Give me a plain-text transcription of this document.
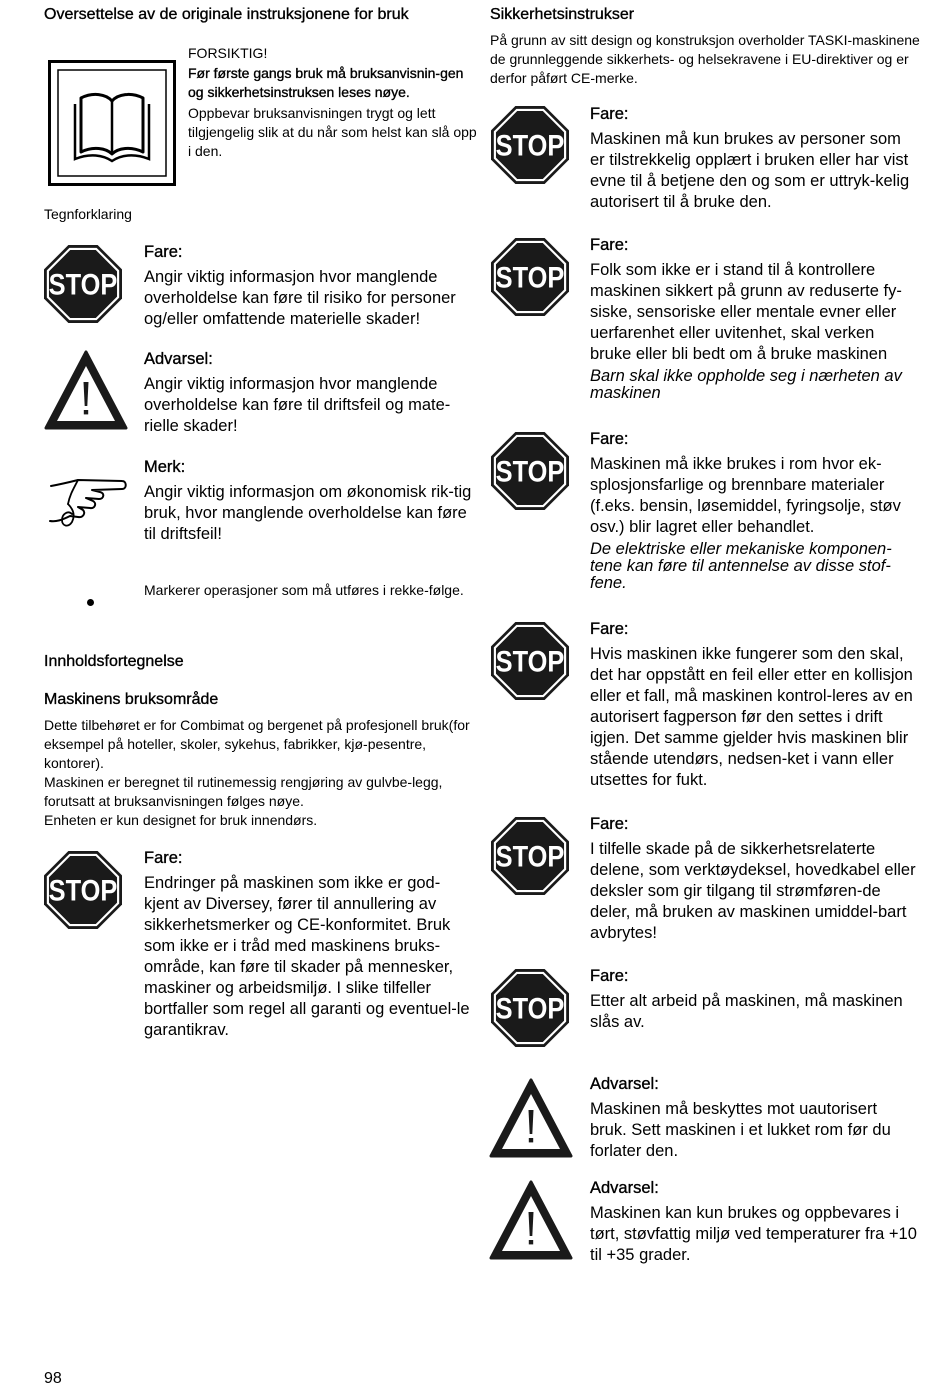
Oversettelse av de originale instruksjonene for bruk

FORSIKTIG!

Før første gangs bruk må bruksanvisnin-gen og sikkerhetsinstruksen leses nøye.

Oppbevar bruksanvisningen trygt og lett tilgjengelig slik at du når som helst kan slå opp i den.

Tegnforklaring

Fare:

Angir viktig informasjon hvor manglende overholdelse kan føre til risiko for personer og/eller omfattende materielle skader!

Advarsel:

Angir viktig informasjon hvor manglende overholdelse kan føre til driftsfeil og mate-rielle skader!

Merk:

Angir viktig informasjon om økonomisk rik-tig bruk, hvor manglende overholdelse kan føre til driftsfeil!

Markerer operasjoner som må utføres i rekke-følge.

Innholdsfortegnelse
Maskinens bruksområde

Dette tilbehøret er for Combimat og bergenet på profesjonell bruk(for eksempel på hoteller, skoler, sykehus, fabrikker, kjø-pesentre, kontorer).

Maskinen er beregnet til rutinemessig rengjøring av gulvbe-legg, forutsatt at bruksanvisningen følges nøye.

Enheten er kun designet for bruk innendørs.

Fare:

Endringer på maskinen som ikke er god-kjent av Diversey, fører til annullering av sikkerhetsmerker og CE-konformitet. Bruk som ikke er i tråd med maskinens bruks-område, kan føre til skader på mennesker, maskiner og arbeidsmiljø. I slike tilfeller bortfaller som regel all garanti og eventuel-le garantikrav.

98
Sikkerhetsinstrukser
På grunn av sitt design og konstruksjon overholder TASKI-maskinene de grunnleggende sikkerhets- og helsekravene i EU-direktiver og er derfor påført CE-merke.

Fare:

Maskinen må kun brukes av personer som er tilstrekkelig opplært i bruken eller har vist evne til å betjene den og som er uttryk-kelig autorisert til å bruke den.

Fare:

Folk som ikke er i stand til å kontrollere maskinen sikkert på grunn av reduserte fy-siske, sensoriske eller mentale evner eller uerfarenhet eller uvitenhet, skal verken bruke eller bli bedt om å bruke maskinen

Barn skal ikke oppholde seg i nærheten av maskinen

Fare:

Maskinen må ikke brukes i rom hvor ek-splosjonsfarlige og brennbare materialer (f.eks. bensin, løsemiddel, fyringsolje, støv osv.) blir lagret eller behandlet.

De elektriske eller mekaniske komponen-tene kan føre til antennelse av disse stof-fene.

Fare:

Hvis maskinen ikke fungerer som den skal, det har oppstått en feil eller etter en kollisjon eller et fall, må maskinen kontrol-leres av en autorisert fagperson før den settes i drift igjen. Det samme gjelder hvis maskinen blir stående utendørs, nedsen-ket i vann eller utsettes for fukt.

Fare:

I tilfelle skade på de sikkerhetsrelaterte delene, som verktøydeksel, hovedkabel eller deksler som gir tilgang til strømføren-de deler, må bruken av maskinen umiddel-bart avbrytes!

Fare:

Etter alt arbeid på maskinen, må maskinen slås av.

Advarsel:

Maskinen må beskyttes mot uautorisert bruk. Sett maskinen i et lukket rom før du forlater den.

Advarsel:

Maskinen kan kun brukes og oppbevares i tørt, støvfattig miljø ved temperaturer fra +10 til +35 grader.
